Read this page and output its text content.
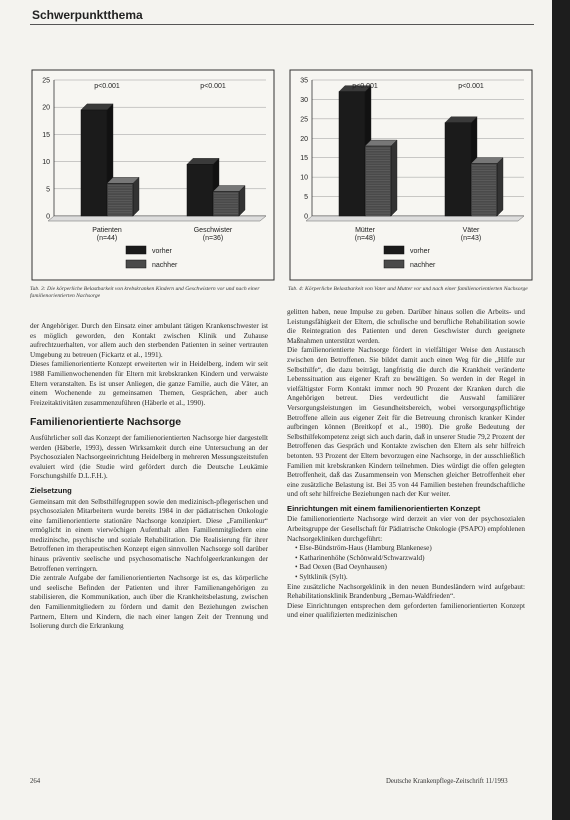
Schwerpunktthema
0
5
10
15
20
25
Patienten
(n=44)
p<0.001
Geschwister
(n=36)
p<0.001
vorher
nachher
0
5
10
15
20
25
30
35
Mütter
(n=48)
p<0.001
Väter
(n=43)
p<0.001
vorher
nachher
Tab. 3: Die körperliche Belastbarkeit von krebskranken Kindern und Geschwistern vor und nach einer familienorientierten Nachsorge
Tab. 4: Körperliche Belastbarkeit von Vater und Mutter vor und nach einer familienorientierten Nachsorge

der Angehöriger. Durch den Einsatz einer ambulant tätigen Krankenschwester ist es möglich geworden, den Kontakt zwischen Klinik und Zuhause aufrechtzuerhalten, vor allem auch den sterbenden Patienten in seiner vertrauten Umgebung zu betreuen (Fickartz et al., 1991).

Dieses familienorientierte Konzept erweiterten wir in Heidelberg, indem wir seit 1988 Familienwochenenden für Eltern mit krebskranken Kindern und verwaiste Eltern veranstalten. Es ist unser Anliegen, die ganze Familie, auch die Väter, an einem Wochenende zu gemeinsamen Themen, Gesprächen, aber auch Freizeitaktivitäten zusammenzuführen (Häberle et al., 1990).

Familienorientierte Nachsorge

Ausführlicher soll das Konzept der familienorientierten Nachsorge hier dargestellt werden (Häberle, 1993), dessen Wirksamkeit durch eine Untersuchung an der Psychosozialen Nachsorgeeinrichtung Heidelberg in mehreren Messungszeitstufen evaluiert wird (die Studie wird gefördert durch die Deutsche Leukämie Forschungshilfe D.L.F.H.).

Zielsetzung

Gemeinsam mit den Selbsthilfegruppen sowie den medizinisch-pflegerischen und psychosozialen Mitarbeitern wurde bereits 1984 in der pädiatrischen Onkologie eine familienorientierte stationäre Nachsorge konzipiert. Diese „Familienkur“ ermöglicht in einem vierwöchigen Aufenthalt allen Familienmitgliedern eine medizinische, psychische und soziale Rehabilitation. Die Realisierung für ihrer Betroffenen im therapeutischen Konzept eigen sinnvollen Nachsorge soll darüber hinaus präventiv seelische und psychosomatische Nachfolgeerkrankungen der Betroffenen verringern.

Die zentrale Aufgabe der familienorientierten Nachsorge ist es, das körperliche und seelische Befinden der Patienten und ihrer Familienangehörigen zu stabilisieren, die Kommunikation, auch über die Krankheitsbelastung, zwischen den Familienmitgliedern zu fördern und damit den Beziehungen zwischen Partnern, Eltern und Kindern, die nach einer langen Zeit der Trennung und Isolierung durch die Erkrankung

gelitten haben, neue Impulse zu geben. Darüber hinaus sollen die Arbeits- und Leistungsfähigkeit der Eltern, die schulische und berufliche Rehabilitation sowie die Reintegration des Patienten und deren Geschwister durch geeignete Maßnahmen unterstützt werden.

Die familienorientierte Nachsorge fördert in vielfältiger Weise den Austausch zwischen den Betroffenen. Sie bildet damit auch einen Weg für die „Hilfe zur Selbsthilfe“, die dazu beiträgt, langfristig die durch die Krankheit veränderte Lebenssituation aus eigener Kraft zu bewältigen. So werden in der Regel in vielfältigster Form Kontakt immer noch 90 Prozent der Kranken durch die Angehörigen betreut. Dies verdeutlicht die Auswahl familiärer Versorgungsleistungen im Gesundheitsbereich, wobei versorgungspflichtige Betroffene allein aus eigener Zeit für die Betreuung chronisch kranker Kinder aufbringen können (Breitkopf et al., 1980). Die große Bedeutung der Selbsthilfekompetenz zeigt sich auch darin, daß in unserer Studie 79,2 Prozent der Betroffenen das Gespräch und Kontakte zwischen den Eltern als sehr hilfreich betonten. 93 Prozent der Eltern bevorzugen eine Nachsorge, in der ausschließlich Familien mit krebskranken Kindern teilnehmen. Dies würdigt die offen gelegten Betroffenheit, daß das Zusammensein von Menschen gleicher Betroffenheit eher eine zusätzliche Belastung ist. Bei 35 von 44 Familien bestehen freundschaftliche und oft sehr hilfreiche Beziehungen nach der Kur weiter.

Einrichtungen mit einem familienorientierten Konzept

Die familienorientierte Nachsorge wird derzeit an vier von der psychosozialen Arbeitsgruppe der Gesellschaft für Pädiatrische Onkologie (PSAPO) empfohlenen Nachsorgekliniken durchgeführt:

• Else-Bündström-Haus (Hamburg Blankenese)
• Katharinenhöhe (Schönwald/Schwarzwald)
• Bad Oexen (Bad Oeynhausen)
• Syltklinik (Sylt).

Eine zusätzliche Nachsorgeklinik in den neuen Bundesländern wird aufgebaut: Rehabilitationsklinik Brandenburg „Bernau-Waldfrieden“.

Diese Einrichtungen entsprechen dem geforderten familienorientierten Konzept und einer qualifizierten medizinischen

264	Deutsche Krankenpflege-Zeitschrift 11/1993
